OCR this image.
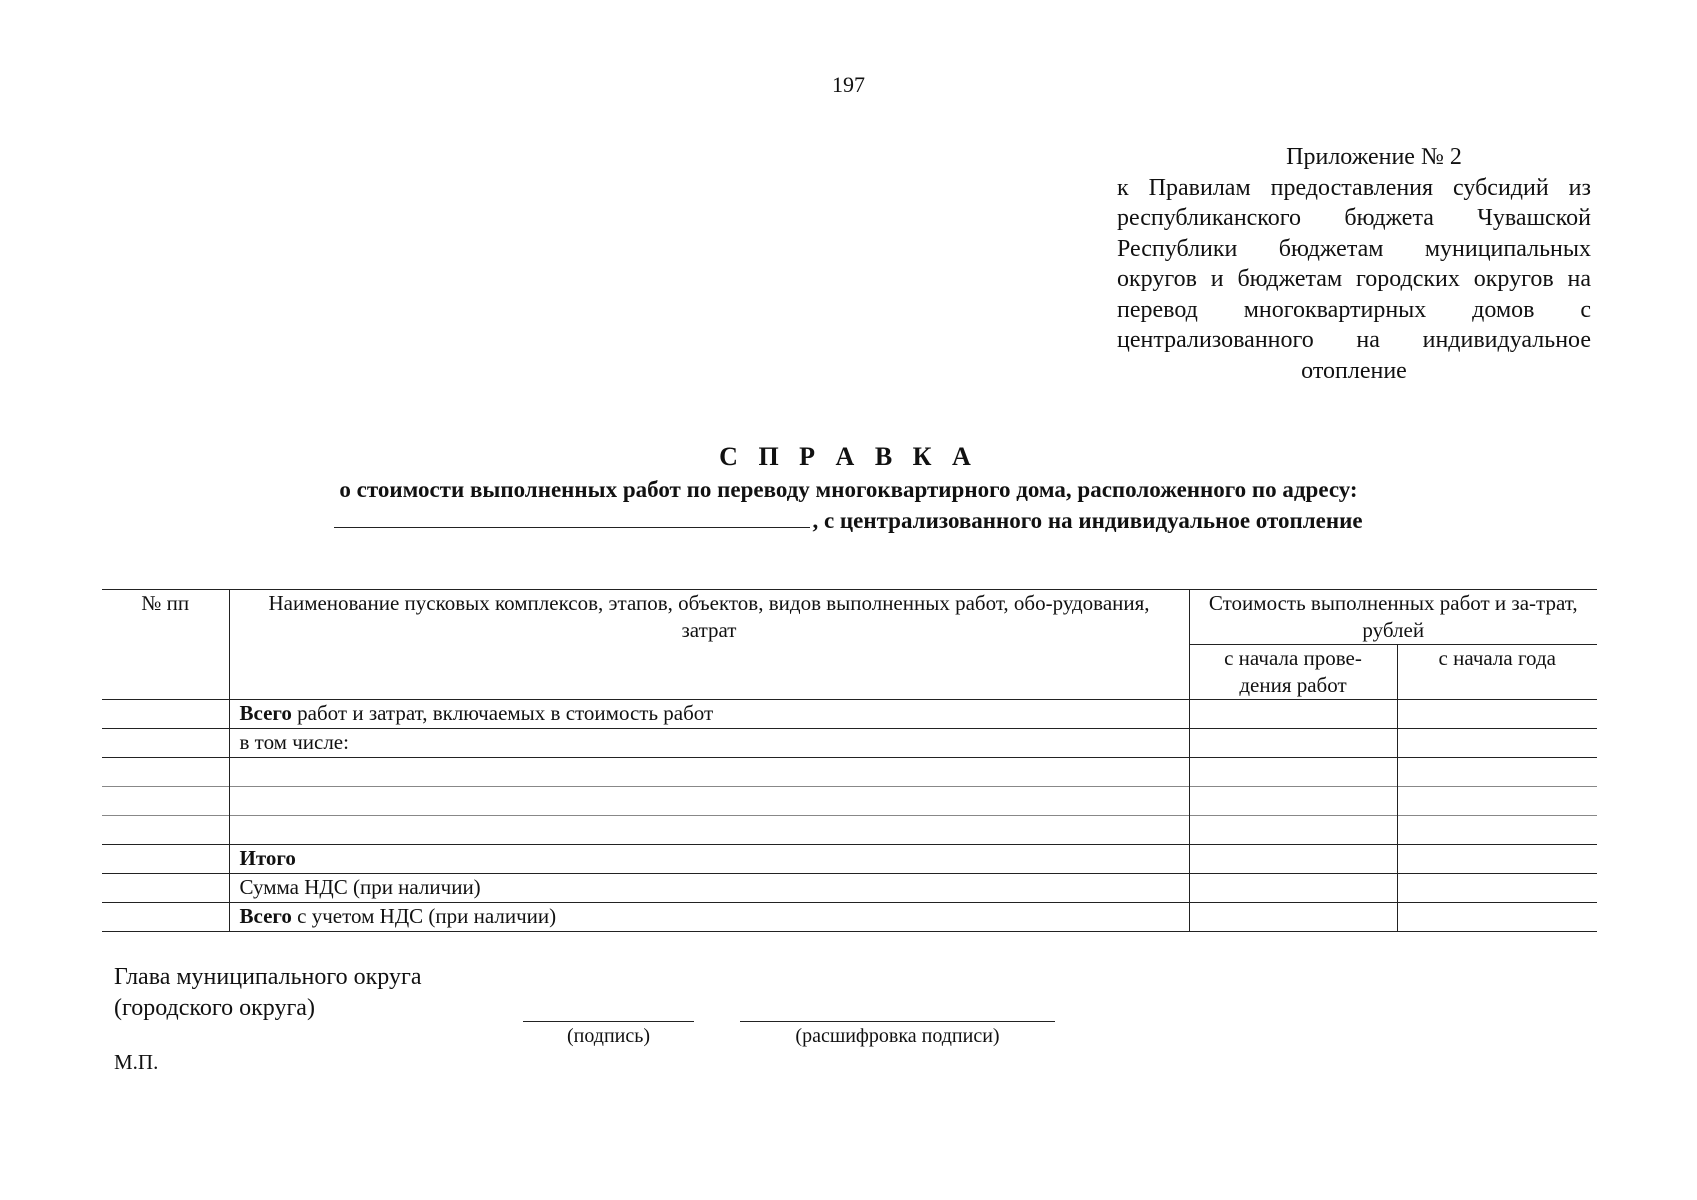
197
Приложение № 2
к Правилам предоставления субсидий из республиканского бюджета Чувашской Республики бюджетам муниципальных округов и бюджетам городских округов на перевод многоквартирных домов с централизованного на индивидуальное отопление
С П Р А В К А
о стоимости выполненных работ по переводу многоквартирного дома, расположенного по адресу:
, с централизованного на индивидуальное отопление
№ пп	Наименование пусковых комплексов, этапов, объектов, видов выполненных работ, обо-рудования, затрат	Стоимость выполненных работ и за-трат, рублей	
		с начала прове-дения работ	с начала года
	Всего работ и затрат, включаемых в стоимость работ		
	в том числе:		

	Итого		
	Сумма НДС (при наличии)		
	Всего с учетом НДС (при наличии)		
Глава муниципального округа
(городского округа)
(подпись)	(расшифровка подписи)
М.П.
